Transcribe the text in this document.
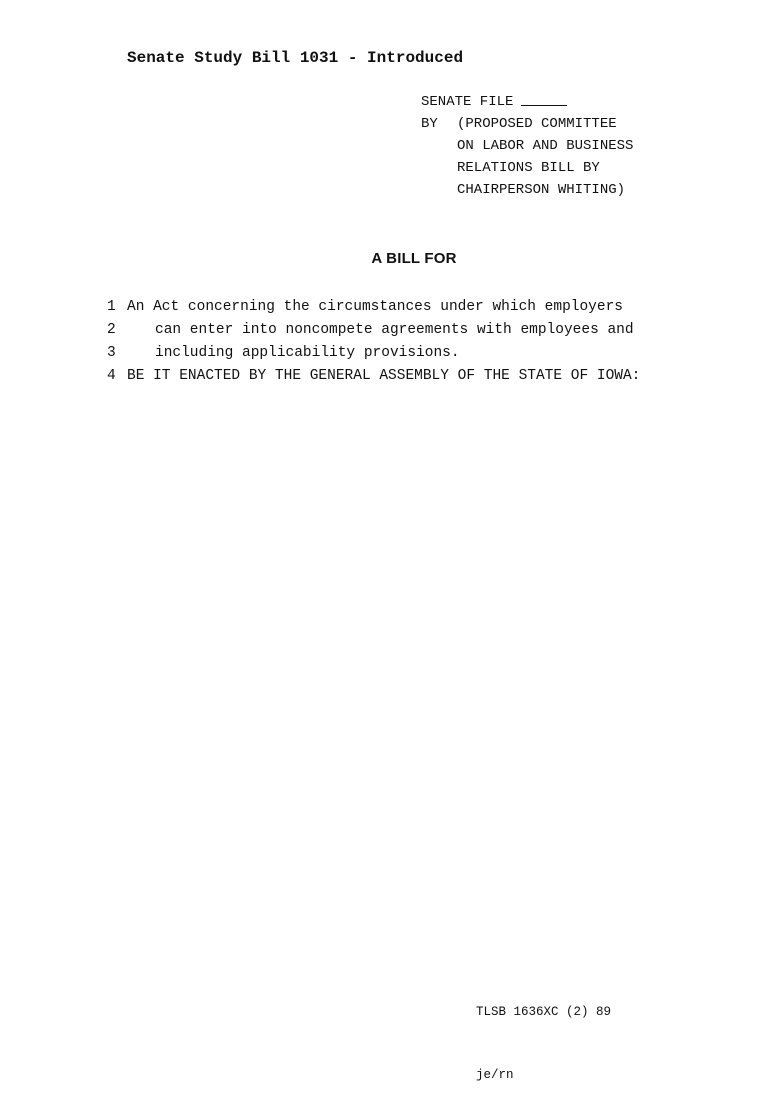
Senate Study Bill 1031 - Introduced
SENATE FILE
BY	(PROPOSED COMMITTEE
ON LABOR AND BUSINESS
RELATIONS BILL BY
CHAIRPERSON WHITING)
A BILL FOR
1 An Act concerning the circumstances under which employers
2	can enter into noncompete agreements with employees and
3	including applicability provisions.
4 BE IT ENACTED BY THE GENERAL ASSEMBLY OF THE STATE OF IOWA:

TLSB 1636XC (2) 89

je/rn
